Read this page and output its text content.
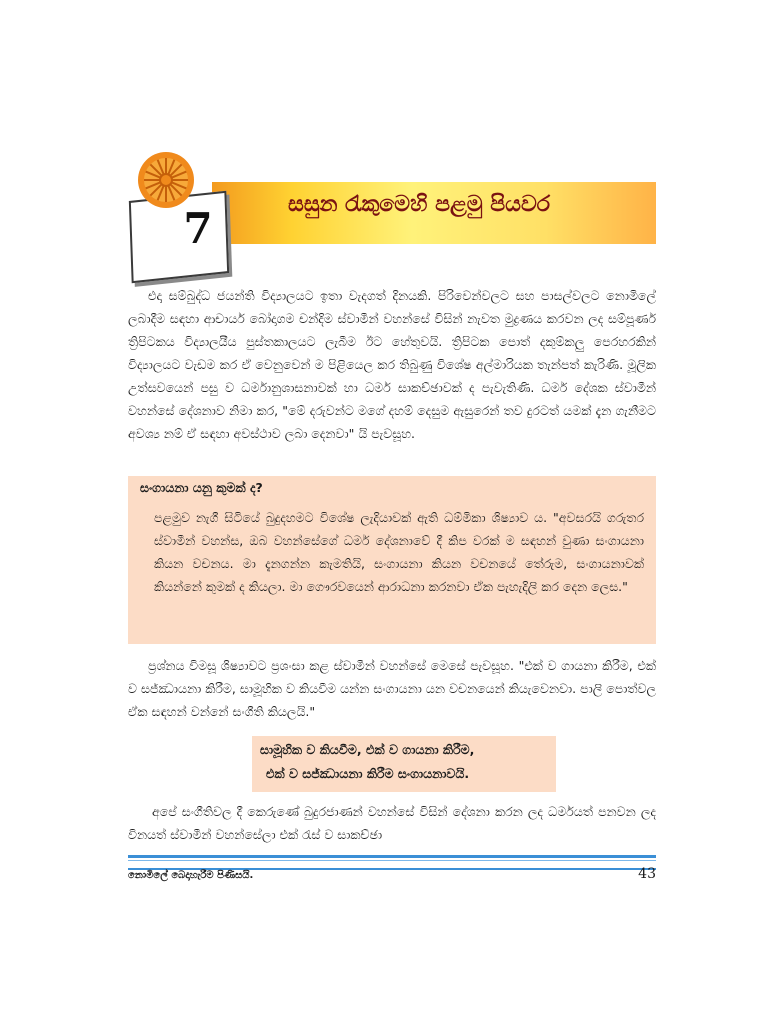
7	සසුන රැකුමෙහි පළමු පියවර
එදා සම්බුද්ධ ජයන්ති විද්‍යාලයට ඉතා වැදගත් දිනයකි. පිරිවෙන්වලට සහ පාසල්වලට නොමිලේ ලබාදීම සඳහා ආචාර්ය බෝදාගම චන්දිම ස්වාමීන් වහන්සේ විසින් නැවත මුද්‍රණය කරවන ලද සම්පූර්ණ ත්‍රිපිටකය විද්‍යාලයීය පුස්තකාලයට ලැබීම ඊට හේතුවයි. ත්‍රිපිටක පොත් දකුම්කලු පෙරහරකින් විද්‍යාලයට වැඩම කර ඒ වෙනුවෙන් ම පිළියෙල කර තිබුණු විශේෂ අල්මාරියක තැන්පත් කැරිණි. මූලික උත්සවයෙන් පසු ව ධර්මානුශාසනාවක් හා ධර්ම සාකච්ඡාවක් ද පැවැතිණි. ධර්ම දේශක ස්වාමීන් වහන්සේ දේශනාව නිමා කර, "මේ දරුවන්ට මගේ දහම් දෙසුම ඇසුරෙන් තව දුරටත් යමක් දැන ගැනීමට අවශ්‍ය නම් ඒ සඳහා අවස්ථාව ලබා දෙනවා" යි පැවසූහ.
සංගායනා යනු කුමක් ද?
පළමුව නැගී සිටියේ බුදුදහමට විශේෂ ලැදියාවක් ඇති ධම්මිකා ශිෂ්‍යාව ය. "අවසරයි ගරුතර ස්වාමීන් වහන්ස, ඔබ වහන්සේගේ ධර්ම දේශනාවේ දී කිප වරක් ම සඳහන් වුණා සංගායනා කියන වචනය. මා දැනගන්න කැමතියි, සංගායනා කියන වචනයේ තේරුම, සංගායනාවක් කියන්නේ කුමක් ද කියලා. මා ගෞරවයෙන් ආරාධනා කරනවා ඒක පැහැදිලි කර දෙන ලෙස."
ප්‍රශ්නය විමසූ ශිෂ්‍යාවට ප්‍රශංසා කළ ස්වාමීන් වහන්සේ මෙසේ පැවසූහ. "එක් ව ගායනා කිරීම, එක් ව සජ්ඣායනා කිරීම, සාමූහික ව කියවීම යන්න සංගායනා යන වචනයෙන් කියැවෙනවා. පාලි පොත්වල ඒක සඳහන් වන්නේ සංගීති කියලයි."
සාමූහික ව කියවීම, එක් ව ගායනා කිරීම,
එක් ව සජ්ඣායනා කිරීම සංගායනාවයි.
අපේ සංගීතිවල දී කෙරුණේ බුදුරජාණන් වහන්සේ විසින් දේශනා කරන ලද ධර්මයත් පනවන ලද විනයත් ස්වාමීන් වහන්සේලා එක් රැස් ව සාකච්ඡා
නොමිලේ බෙදාහැරීම පිණිසයි.	43
